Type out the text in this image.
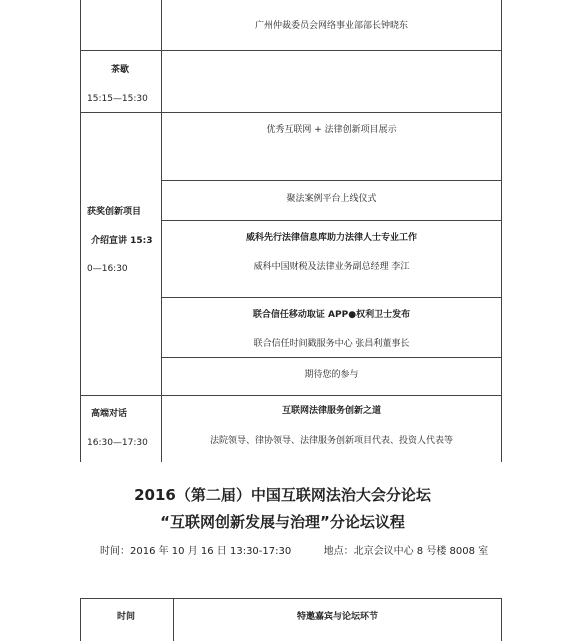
广州仲裁委员会网络事业部部长钟晓东
茶歇
15:15—15:30
获奖创新项目
介绍宣讲 15:3
0—16:30
优秀互联网 + 法律创新项目展示
聚法案例平台上线仪式
威科先行法律信息库助力法律人士专业工作
威科中国财税及法律业务副总经理 李江
联合信任移动取证 APP●权利卫士发布
联合信任时间戳服务中心 张昌利董事长
期待您的参与
高端对话
16:30—17:30
互联网法律服务创新之道
法院领导、律协领导、法律服务创新项目代表、投资人代表等
2016（第二届）中国互联网法治大会分论坛
“互联网创新发展与治理”分论坛议程
时间：2016 年 10 月 16 日 13:30-17:30	地点：北京会议中心 8 号楼 8008 室
时间	特邀嘉宾与论坛环节
